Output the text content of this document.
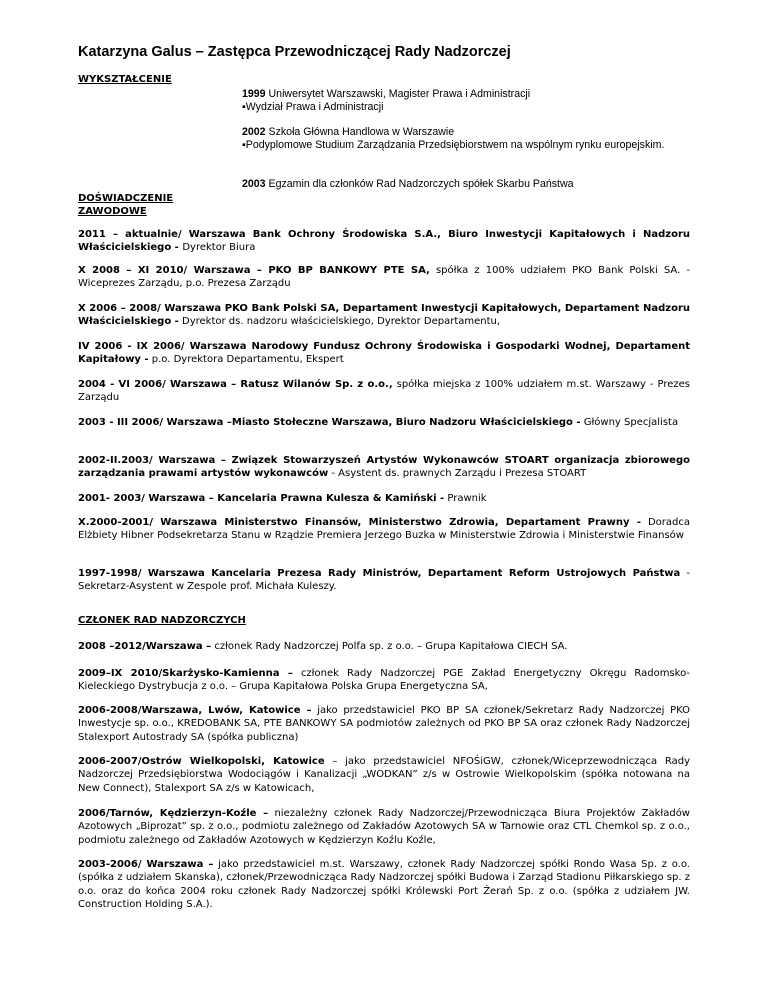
Katarzyna Galus – Zastępca Przewodniczącej Rady Nadzorczej
WYKSZTAŁCENIE
1999 Uniwersytet Warszawski, Magister Prawa i Administracji
▪Wydział Prawa i Administracji
2002 Szkoła Główna Handlowa w Warszawie
▪Podyplomowe Studium Zarządzania Przedsiębiorstwem na wspólnym rynku europejskim.
2003 Egzamin dla członków Rad Nadzorczych spółek Skarbu Państwa
DOŚWIADCZENIE
ZAWODOWE
2011 – aktualnie/ Warszawa Bank Ochrony Środowiska S.A., Biuro Inwestycji Kapitałowych i Nadzoru Właścicielskiego - Dyrektor Biura
X 2008 – XI 2010/ Warszawa – PKO BP BANKOWY PTE SA, spółka z 100% udziałem PKO Bank Polski SA. - Wiceprezes Zarządu, p.o. Prezesa Zarządu
X 2006 – 2008/ Warszawa PKO Bank Polski SA, Departament Inwestycji Kapitałowych, Departament Nadzoru Właścicielskiego - Dyrektor ds. nadzoru właścicielskiego, Dyrektor Departamentu,
IV 2006 - IX 2006/ Warszawa Narodowy Fundusz Ochrony Środowiska i Gospodarki Wodnej, Departament Kapitałowy - p.o. Dyrektora Departamentu, Ekspert
2004 - VI 2006/ Warszawa – Ratusz Wilanów Sp. z o.o., spółka miejska z 100% udziałem m.st. Warszawy - Prezes Zarządu
2003 - III 2006/ Warszawa –Miasto Stołeczne Warszawa, Biuro Nadzoru Właścicielskiego - Główny Specjalista
2002-II.2003/ Warszawa – Związek Stowarzyszeń Artystów Wykonawców STOART organizacja zbiorowego zarządzania prawami artystów wykonawców - Asystent ds. prawnych Zarządu i Prezesa STOART
2001- 2003/ Warszawa – Kancelaria Prawna Kulesza & Kamiński - Prawnik
X.2000-2001/ Warszawa Ministerstwo Finansów, Ministerstwo Zdrowia, Departament Prawny - Doradca Elżbiety Hibner Podsekretarza Stanu w Rządzie Premiera Jerzego Buzka w Ministerstwie Zdrowia i Ministerstwie Finansów
1997-1998/ Warszawa Kancelaria Prezesa Rady Ministrów, Departament Reform Ustrojowych Państwa - Sekretarz-Asystent w Zespole prof. Michała Kuleszy.
CZŁONEK RAD NADZORCZYCH
2008 –2012/Warszawa – członek Rady Nadzorczej Polfa sp. z o.o. – Grupa Kapitałowa CIECH SA.
2009–IX 2010/Skarżysko-Kamienna – członek Rady Nadzorczej PGE Zakład Energetyczny Okręgu Radomsko-Kieleckiego Dystrybucja z o.o. – Grupa Kapitałowa Polska Grupa Energetyczna SA,
2006-2008/Warszawa, Lwów, Katowice – jako przedstawiciel PKO BP SA członek/Sekretarz Rady Nadzorczej PKO Inwestycje sp. o.o., KREDOBANK SA, PTE BANKOWY SA podmiotów zależnych od PKO BP SA oraz członek Rady Nadzorczej Stalexport Autostrady SA (spółka publiczna)
2006-2007/Ostrów Wielkopolski, Katowice – jako przedstawiciel NFOŚiGW, członek/Wiceprzewodnicząca Rady Nadzorczej Przedsiębiorstwa Wodociągów i Kanalizacji „WODKAN” z/s w Ostrowie Wielkopolskim (spółka notowana na New Connect), Stalexport SA z/s w Katowicach,
2006/Tarnów, Kędzierzyn-Koźle – niezależny członek Rady Nadzorczej/Przewodnicząca Biura Projektów Zakładów Azotowych „Biprozat” sp. z o.o., podmiotu zależnego od Zakładów Azotowych SA w Tarnowie oraz CTL Chemkol sp. z o.o., podmiotu zależnego od Zakładów Azotowych w Kędzierzyn Koźlu Koźle,
2003-2006/ Warszawa – jako przedstawiciel m.st. Warszawy, członek Rady Nadzorczej spółki Rondo Wasa Sp. z o.o. (spółka z udziałem Skanska), członek/Przewodnicząca Rady Nadzorczej spółki Budowa i Zarząd Stadionu Piłkarskiego sp. z o.o. oraz do końca 2004 roku członek Rady Nadzorczej spółki Królewski Port Żerań Sp. z o.o. (spółka z udziałem JW. Construction Holding S.A.).
